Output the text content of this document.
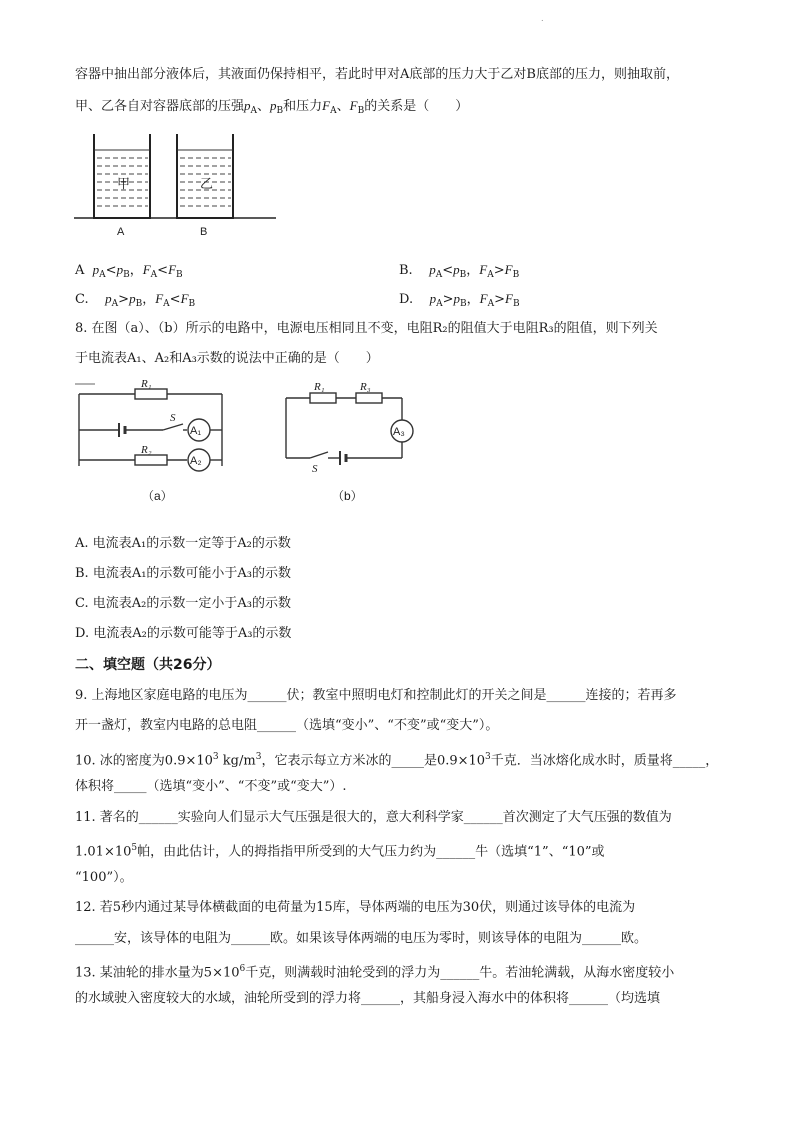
.
容器中抽出部分液体后，其液面仍保持相平，若此时甲对A底部的压力大于乙对B底部的压力，则抽取前，
甲、乙各自对容器底部的压强$p_A$、$p_B$和压力$F_A$、$F_B$的关系是（　　）
甲	乙
A	B
A $p_A<p_B$，$F_A<F_B$	B. $p_A<p_B$，$F_A>F_B$
C. $p_A>p_B$，$F_A<F_B$	D. $p_A>p_B$，$F_A>F_B$
8. 在图（a）、（b）所示的电路中，电源电压相同且不变，电阻R₂的阻值大于电阻R₃的阻值，则下列关
于电流表A₁、A₂和A₃示数的说法中正确的是（　　）
R₁
S
A₁
R₂
A₂
R₁	R₃
A₃
S
（a）	（b）
A. 电流表A₁的示数一定等于A₂的示数
B. 电流表A₁的示数可能小于A₃的示数
C. 电流表A₂的示数一定小于A₃的示数
D. 电流表A₂的示数可能等于A₃的示数
二、填空题（共26分）
9. 上海地区家庭电路的电压为______伏；教室中照明电灯和控制此灯的开关之间是______连接的；若再多
开一盏灯，教室内电路的总电阻______（选填“变小”、“不变”或“变大”）。
10. 冰的密度为$0.9\times 10^3$ $kg/m^3$，它表示每立方米冰的_____是$0.9\times 10^3$千克．当冰熔化成水时，质量将_____，
体积将_____（选填“变小”、“不变”或“变大”）.
11. 著名的______实验向人们显示大气压强是很大的，意大利科学家______首次测定了大气压强的数值为
$1.01\times 10^5$帕，由此估计，人的拇指指甲所受到的大气压力约为______牛（选填“1”、“10”或
“100”）。
12. 若5秒内通过某导体横截面的电荷量为15库，导体两端的电压为30伏，则通过该导体的电流为
______安，该导体的电阻为______欧。如果该导体两端的电压为零时，则该导体的电阻为______欧。
13. 某油轮的排水量为$5\times 10^6$千克，则满载时油轮受到的浮力为______牛。若油轮满载，从海水密度较小
的水域驶入密度较大的水域，油轮所受到的浮力将______，其船身浸入海水中的体积将______（均选填
